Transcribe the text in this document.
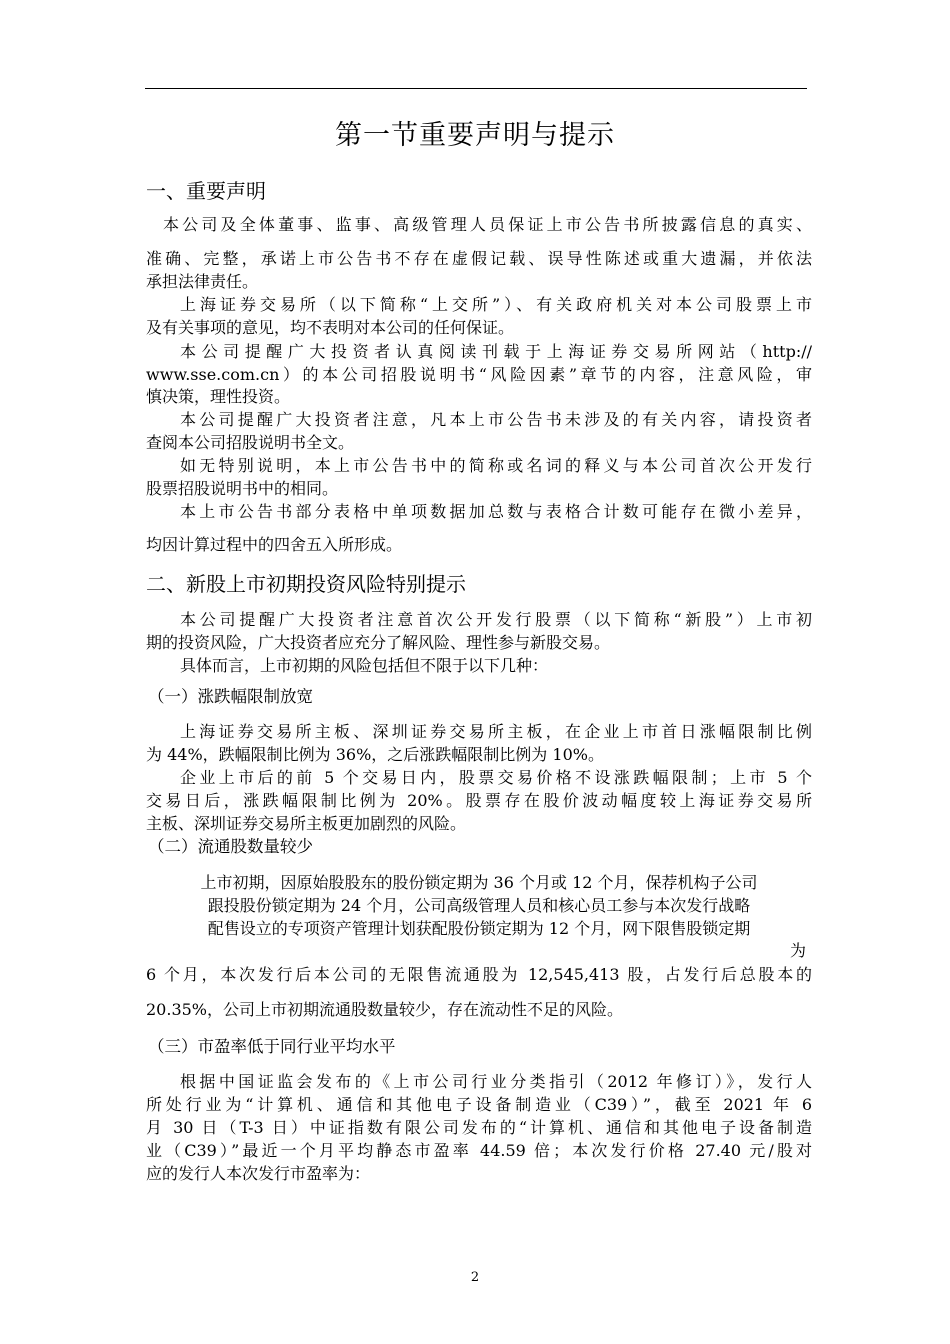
第一节重要声明与提示
一、重要声明
本公司及全体董事、监事、高级管理人员保证上市公告书所披露信息的真实、
准确、完整，承诺上市公告书不存在虚假记载、误导性陈述或重大遗漏，并依法
承担法律责任。
上海证券交易所（以下简称“上交所”）、有关政府机关对本公司股票上市
及有关事项的意见，均不表明对本公司的任何保证。
本公司提醒广大投资者认真阅读刊载于上海证券交易所网站（http://
www.sse.com.cn）的本公司招股说明书“风险因素”章节的内容，注意风险，审
慎决策，理性投资。
本公司提醒广大投资者注意，凡本上市公告书未涉及的有关内容，请投资者
查阅本公司招股说明书全文。
如无特别说明，本上市公告书中的简称或名词的释义与本公司首次公开发行
股票招股说明书中的相同。
本上市公告书部分表格中单项数据加总数与表格合计数可能存在微小差异，
均因计算过程中的四舍五入所形成。
二、新股上市初期投资风险特别提示
本公司提醒广大投资者注意首次公开发行股票（以下简称“新股”）上市初
期的投资风险，广大投资者应充分了解风险、理性参与新股交易。
具体而言，上市初期的风险包括但不限于以下几种：
（一）涨跌幅限制放宽
上海证券交易所主板、深圳证券交易所主板，在企业上市首日涨幅限制比例
为 44%，跌幅限制比例为 36%，之后涨跌幅限制比例为 10%。
企业上市后的前 5 个交易日内，股票交易价格不设涨跌幅限制；上市 5 个
交易日后，涨跌幅限制比例为 20%。股票存在股价波动幅度较上海证券交易所
主板、深圳证券交易所主板更加剧烈的风险。
（二）流通股数量较少
上市初期，因原始股股东的股份锁定期为 36 个月或 12 个月，保荐机构子公司
跟投股份锁定期为 24 个月，公司高级管理人员和核心员工参与本次发行战略
配售设立的专项资产管理计划获配股份锁定期为 12 个月，网下限售股锁定期
为
6 个月，本次发行后本公司的无限售流通股为 12,545,413 股，占发行后总股本的
20.35%，公司上市初期流通股数量较少，存在流动性不足的风险。
（三）市盈率低于同行业平均水平
根据中国证监会发布的《上市公司行业分类指引（2012 年修订）》，发行人
所处行业为“计算机、通信和其他电子设备制造业（C39）”，截至 2021 年 6
月 30 日（T-3 日）中证指数有限公司发布的“计算机、通信和其他电子设备制造
业（C39）”最近一个月平均静态市盈率 44.59 倍；本次发行价格 27.40 元/股对
应的发行人本次发行市盈率为：
2
